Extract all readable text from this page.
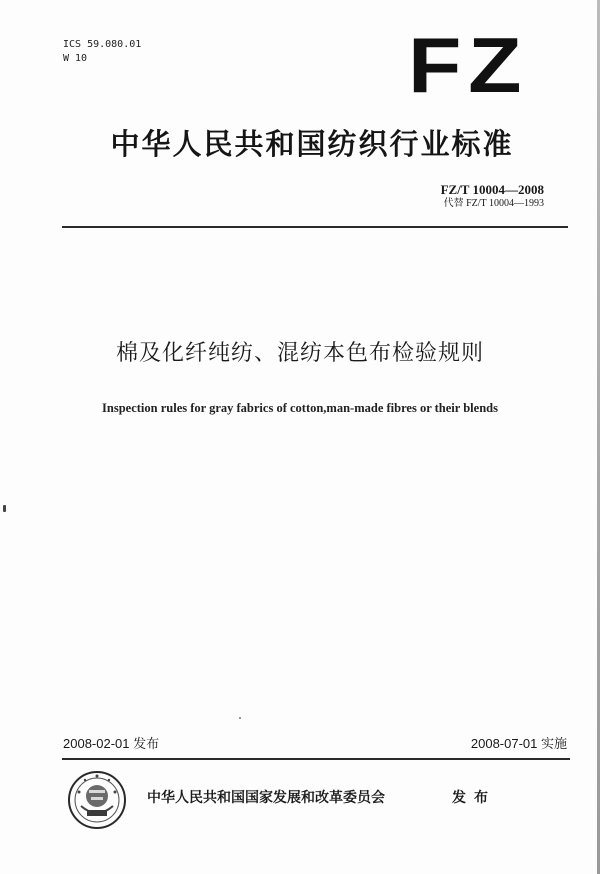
ICS 59.080.01
W 10	FZ
中华人民共和国纺织行业标准
FZ/T 10004—2008
代替 FZ/T 10004—1993
棉及化纤纯纺、混纺本色布检验规则
Inspection rules for gray fabrics of cotton,man-made fibres or their blends
2008-02-01 发布	2008-07-01 实施
中华人民共和国国家发展和改革委员会	发布
